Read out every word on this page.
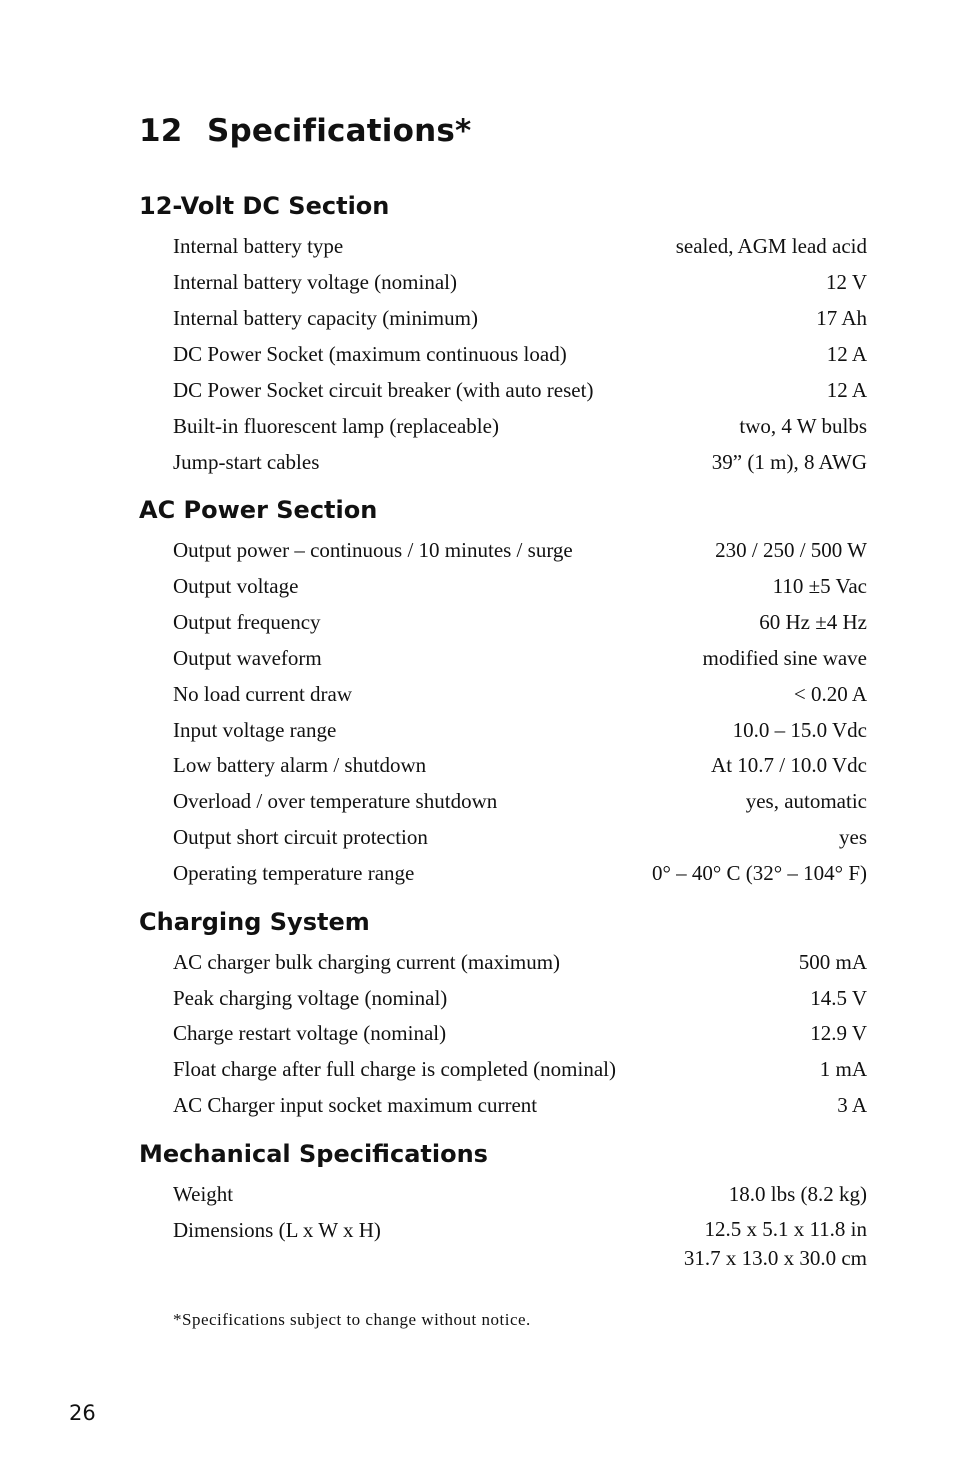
12 Specifications*
12-Volt DC Section
Internal battery type	sealed, AGM lead acid
Internal battery voltage (nominal)	12 V
Internal battery capacity (minimum)	17 Ah
DC Power Socket (maximum continuous load)	12 A
DC Power Socket circuit breaker (with auto reset)	12 A
Built-in fluorescent lamp (replaceable)	two, 4 W bulbs
Jump-start cables	39” (1 m), 8 AWG
AC Power Section
Output power – continuous / 10 minutes / surge	230 / 250 / 500 W
Output voltage	110 ±5 Vac
Output frequency	60 Hz ±4 Hz
Output waveform	modified sine wave
No load current draw	< 0.20 A
Input voltage range	10.0 – 15.0 Vdc
Low battery alarm / shutdown	At 10.7 / 10.0 Vdc
Overload / over temperature shutdown	yes, automatic
Output short circuit protection	yes
Operating temperature range	0° – 40° C (32° – 104° F)
Charging System
AC charger bulk charging current (maximum)	500 mA
Peak charging voltage (nominal)	14.5 V
Charge restart voltage (nominal)	12.9 V
Float charge after full charge is completed (nominal)	1 mA
AC Charger input socket maximum current	3 A
Mechanical Specifications
Weight	18.0 lbs (8.2 kg)
Dimensions (L x W x H)	12.5 x 5.1 x 11.8 in
31.7 x 13.0 x 30.0 cm
*Specifications subject to change without notice.
26
